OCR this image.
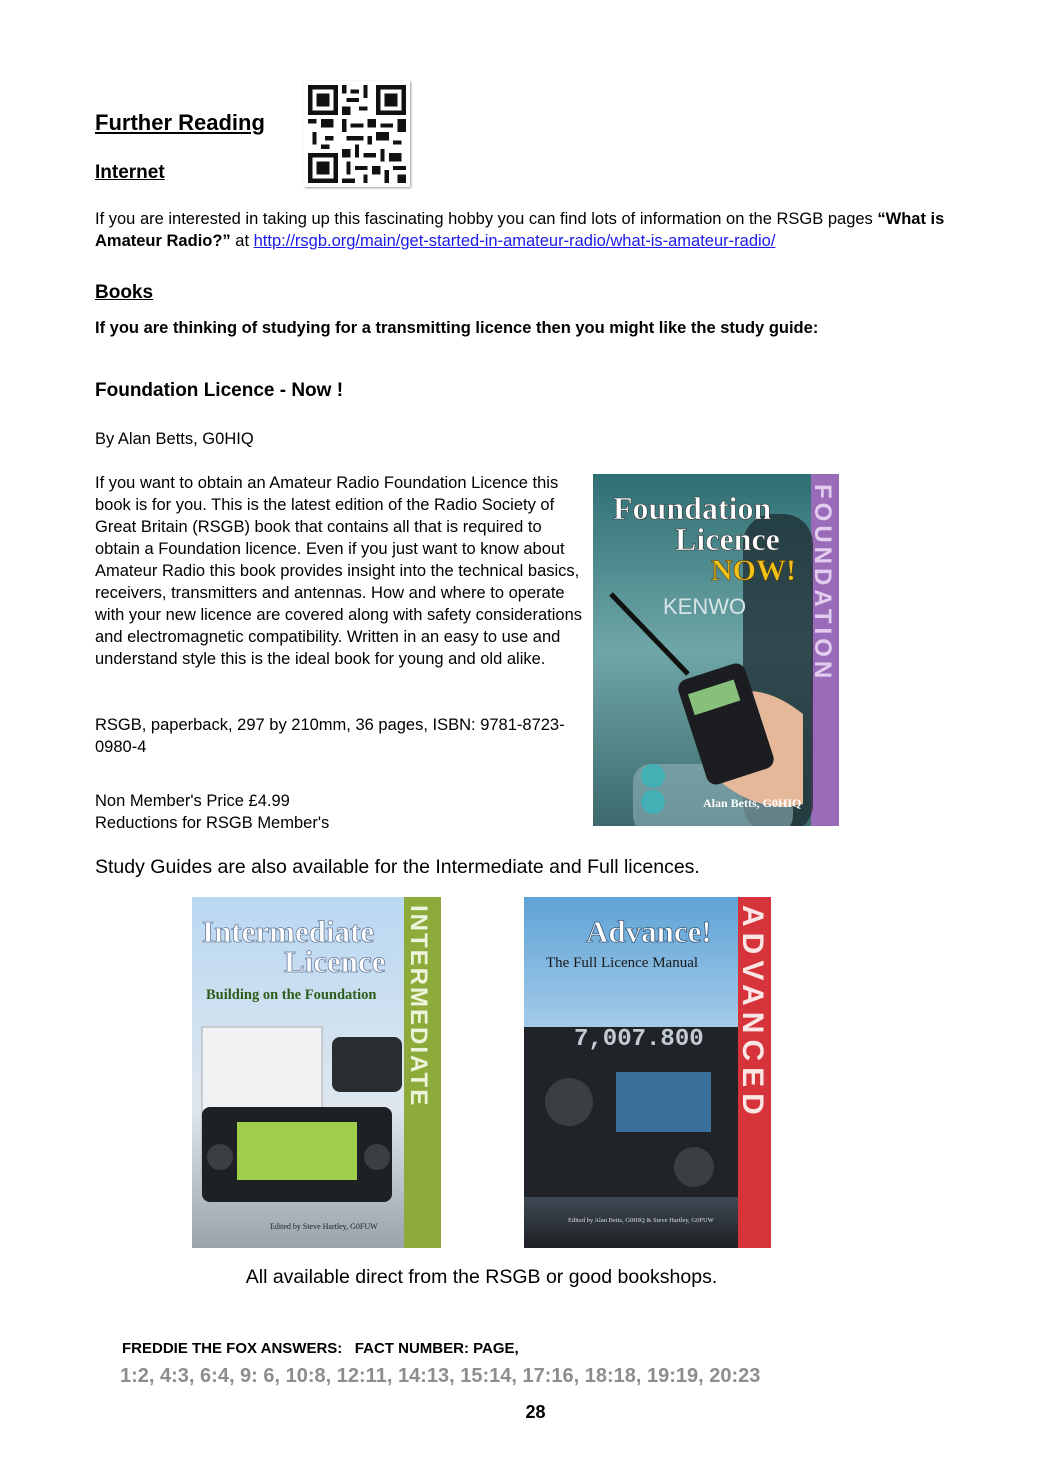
Further Reading
Internet
If you are interested in taking up this fascinating hobby you can find lots of information on the RSGB pages “What is Amateur Radio?” at http://rsgb.org/main/get-started-in-amateur-radio/what-is-amateur-radio/
Books
If you are thinking of studying for a transmitting licence then you might like the study guide:
Foundation Licence - Now !
By Alan Betts, G0HIQ
If you want to obtain an Amateur Radio Foundation Licence this book is for you. This is the latest edition of the Radio Society of Great Britain (RSGB) book that contains all that is required to obtain a Foundation licence. Even if you just want to know about Amateur Radio this book provides insight into the technical basics, receivers, transmitters and antennas. How and where to operate with your new licence are covered along with safety considerations and electromagnetic compatibility. Written in an easy to use and understand style this is the ideal book for young and old alike.
RSGB, paperback, 297 by 210mm, 36 pages, ISBN: 9781-8723-0980-4
Non Member's Price £4.99
Reductions for RSGB Member's
Foundation
Licence
NOW!
KENWO
Alan Betts, G0HIQ
FOUNDATION
Study Guides are also available for the Intermediate and Full licences.
Intermediate
Licence
Building on the Foundation
Edited by Steve Hartley, G0FUW
INTERMEDIATE	7,007.800
Advance!
The Full Licence Manual
Edited by Alan Betts, G0HIQ & Steve Hartley, G0FUW
ADVANCED
All available direct from the RSGB or good bookshops.
FREDDIE THE FOX ANSWERS:   FACT NUMBER: PAGE,
1:2, 4:3, 6:4, 9: 6, 10:8, 12:11, 14:13, 15:14, 17:16, 18:18, 19:19, 20:23
28
